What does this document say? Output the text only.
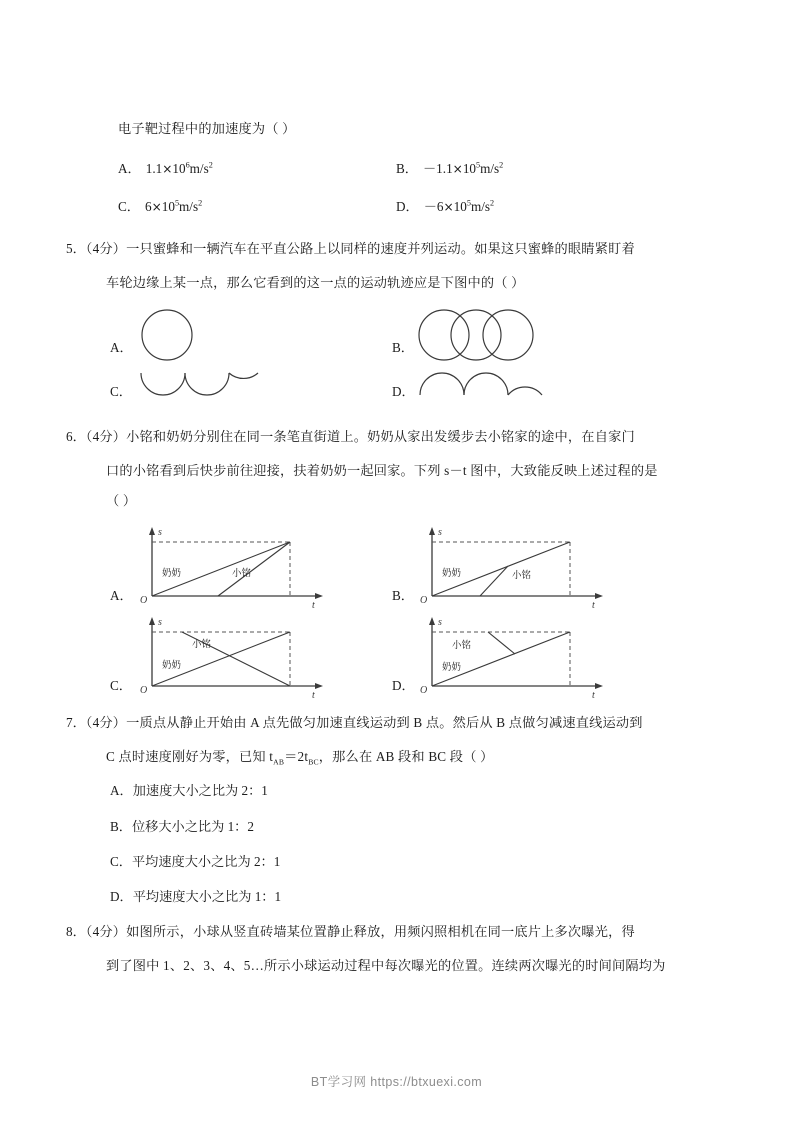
电子靶过程中的加速度为（ ）
A． $1.1\times 10^6m/s^2$	B． $-1.1\times 10^5m/s^2$
C． $6\times 10^5m/s^2$	D． $-6\times 10^5m/s^2$
5．（4分）一只蜜蜂和一辆汽车在平直公路上以同样的速度并列运动。如果这只蜜蜂的眼睛紧盯着
车轮边缘上某一点，那么它看到的这一点的运动轨迹应是下图中的（ ）
A．	B．
C．	D．
6．（4分）小铭和奶奶分别住在同一条笔直街道上。奶奶从家出发缓步去小铭家的途中，在自家门
口的小铭看到后快步前往迎接，扶着奶奶一起回家。下列 s－t 图中，大致能反映上述过程的是
（ ）
A．
s
t
O
奶奶	小铭
B．
s
t
O
奶奶	小铭
C．
s
t
O
奶奶
小铭
D．
s
t
O
奶奶
小铭
7．（4分）一质点从静止开始由 A 点先做匀加速直线运动到 B 点。然后从 B 点做匀减速直线运动到
C 点时速度刚好为零，已知 $t_{AB}=2t_{BC}$，那么在 AB 段和 BC 段（ ）
A．加速度大小之比为 2：1
B．位移大小之比为 1：2
C．平均速度大小之比为 2：1
D．平均速度大小之比为 1：1
8．（4分）如图所示，小球从竖直砖墙某位置静止释放，用频闪照相机在同一底片上多次曝光，得
到了图中 1、2、3、4、5…所示小球运动过程中每次曝光的位置。连续两次曝光的时间间隔均为
BT学习网 https://btxuexi.com
